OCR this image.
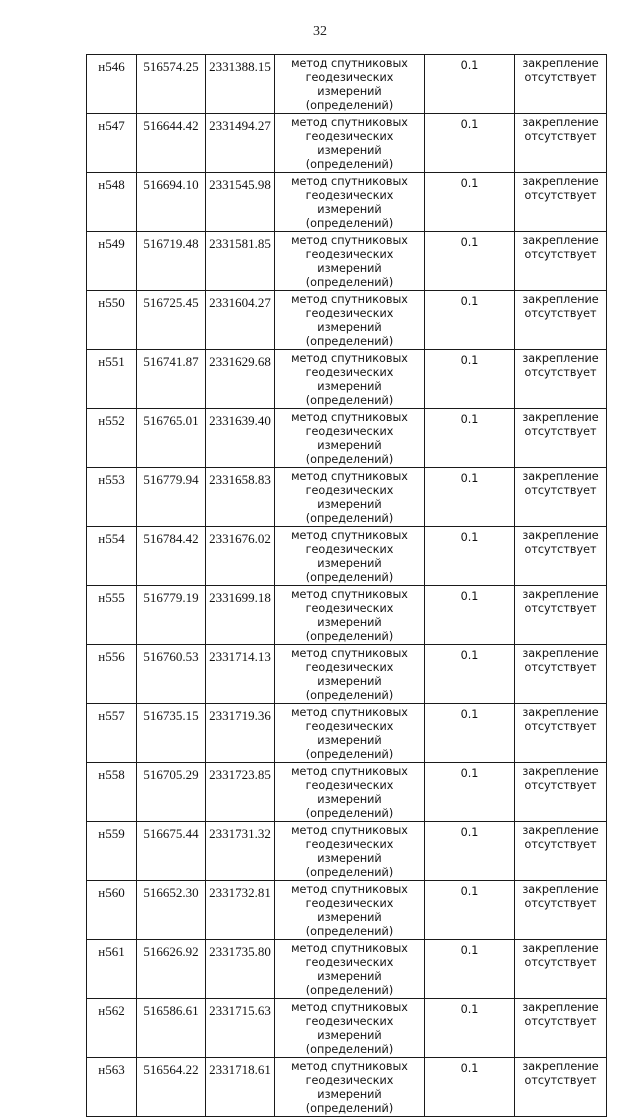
32
н546	516574.25	2331388.15	метод спутниковых геодезических измерений (определений)	0.1	закрепление отсутствует
н547	516644.42	2331494.27	метод спутниковых геодезических измерений (определений)	0.1	закрепление отсутствует
н548	516694.10	2331545.98	метод спутниковых геодезических измерений (определений)	0.1	закрепление отсутствует
н549	516719.48	2331581.85	метод спутниковых геодезических измерений (определений)	0.1	закрепление отсутствует
н550	516725.45	2331604.27	метод спутниковых геодезических измерений (определений)	0.1	закрепление отсутствует
н551	516741.87	2331629.68	метод спутниковых геодезических измерений (определений)	0.1	закрепление отсутствует
н552	516765.01	2331639.40	метод спутниковых геодезических измерений (определений)	0.1	закрепление отсутствует
н553	516779.94	2331658.83	метод спутниковых геодезических измерений (определений)	0.1	закрепление отсутствует
н554	516784.42	2331676.02	метод спутниковых геодезических измерений (определений)	0.1	закрепление отсутствует
н555	516779.19	2331699.18	метод спутниковых геодезических измерений (определений)	0.1	закрепление отсутствует
н556	516760.53	2331714.13	метод спутниковых геодезических измерений (определений)	0.1	закрепление отсутствует
н557	516735.15	2331719.36	метод спутниковых геодезических измерений (определений)	0.1	закрепление отсутствует
н558	516705.29	2331723.85	метод спутниковых геодезических измерений (определений)	0.1	закрепление отсутствует
н559	516675.44	2331731.32	метод спутниковых геодезических измерений (определений)	0.1	закрепление отсутствует
н560	516652.30	2331732.81	метод спутниковых геодезических измерений (определений)	0.1	закрепление отсутствует
н561	516626.92	2331735.80	метод спутниковых геодезических измерений (определений)	0.1	закрепление отсутствует
н562	516586.61	2331715.63	метод спутниковых геодезических измерений (определений)	0.1	закрепление отсутствует
н563	516564.22	2331718.61	метод спутниковых геодезических измерений (определений)	0.1	закрепление отсутствует
